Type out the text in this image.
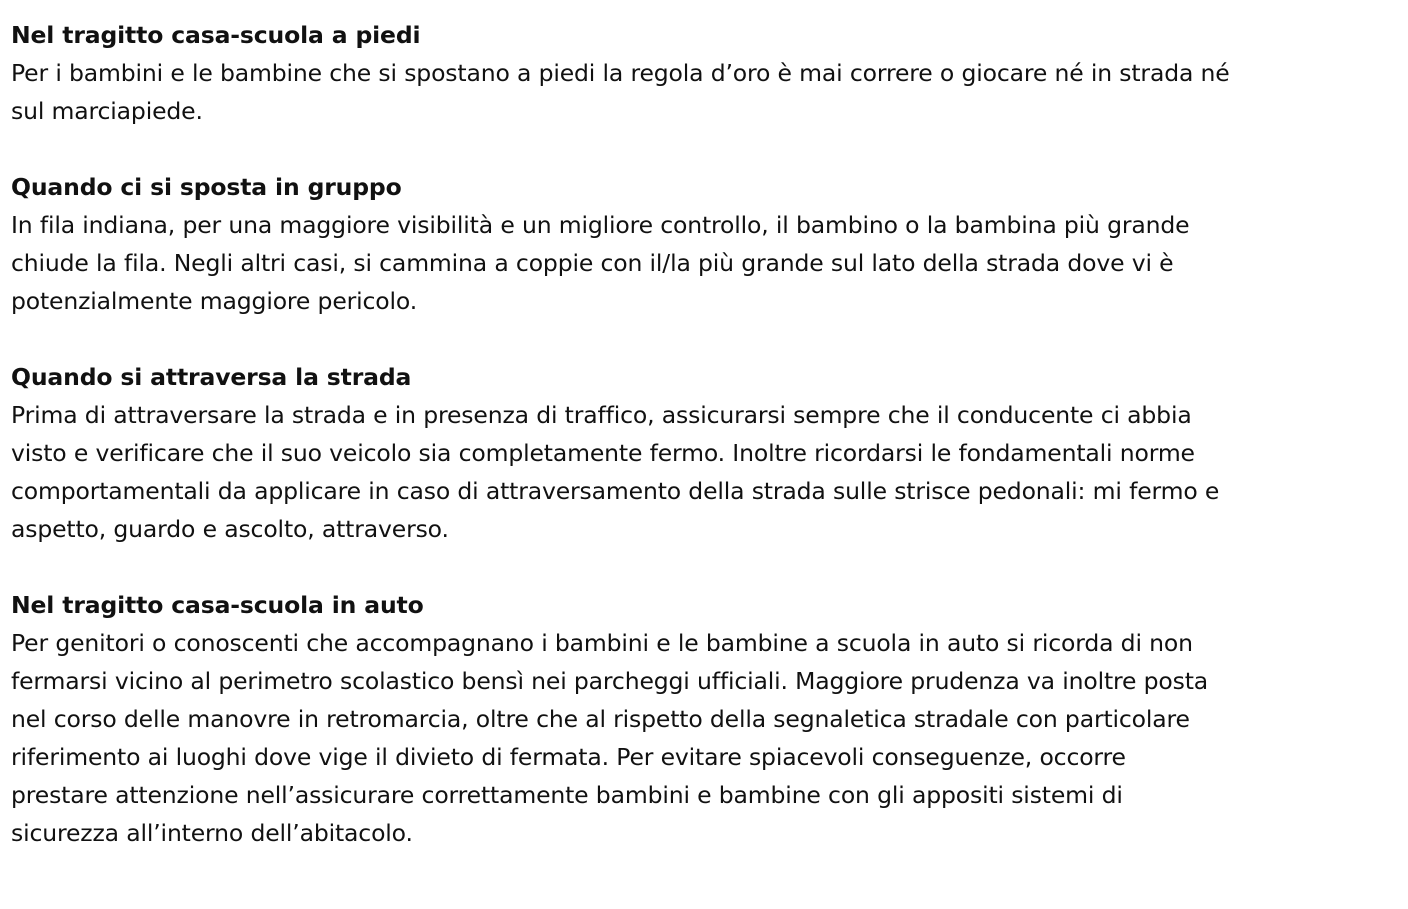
Nel tragitto casa-scuola a piedi
Per i bambini e le bambine che si spostano a piedi la regola d’oro è mai correre o giocare né in strada né
sul marciapiede.
Quando ci si sposta in gruppo
In fila indiana, per una maggiore visibilità e un migliore controllo, il bambino o la bambina più grande
chiude la fila. Negli altri casi, si cammina a coppie con il/la più grande sul lato della strada dove vi è
potenzialmente maggiore pericolo.
Quando si attraversa la strada
Prima di attraversare la strada e in presenza di traffico, assicurarsi sempre che il conducente ci abbia
visto e verificare che il suo veicolo sia completamente fermo. Inoltre ricordarsi le fondamentali norme
comportamentali da applicare in caso di attraversamento della strada sulle strisce pedonali: mi fermo e
aspetto, guardo e ascolto, attraverso.
Nel tragitto casa-scuola in auto
Per genitori o conoscenti che accompagnano i bambini e le bambine a scuola in auto si ricorda di non
fermarsi vicino al perimetro scolastico bensì nei parcheggi ufficiali. Maggiore prudenza va inoltre posta
nel corso delle manovre in retromarcia, oltre che al rispetto della segnaletica stradale con particolare
riferimento ai luoghi dove vige il divieto di fermata. Per evitare spiacevoli conseguenze, occorre
prestare attenzione nell’assicurare correttamente bambini e bambine con gli appositi sistemi di
sicurezza all’interno dell’abitacolo.
